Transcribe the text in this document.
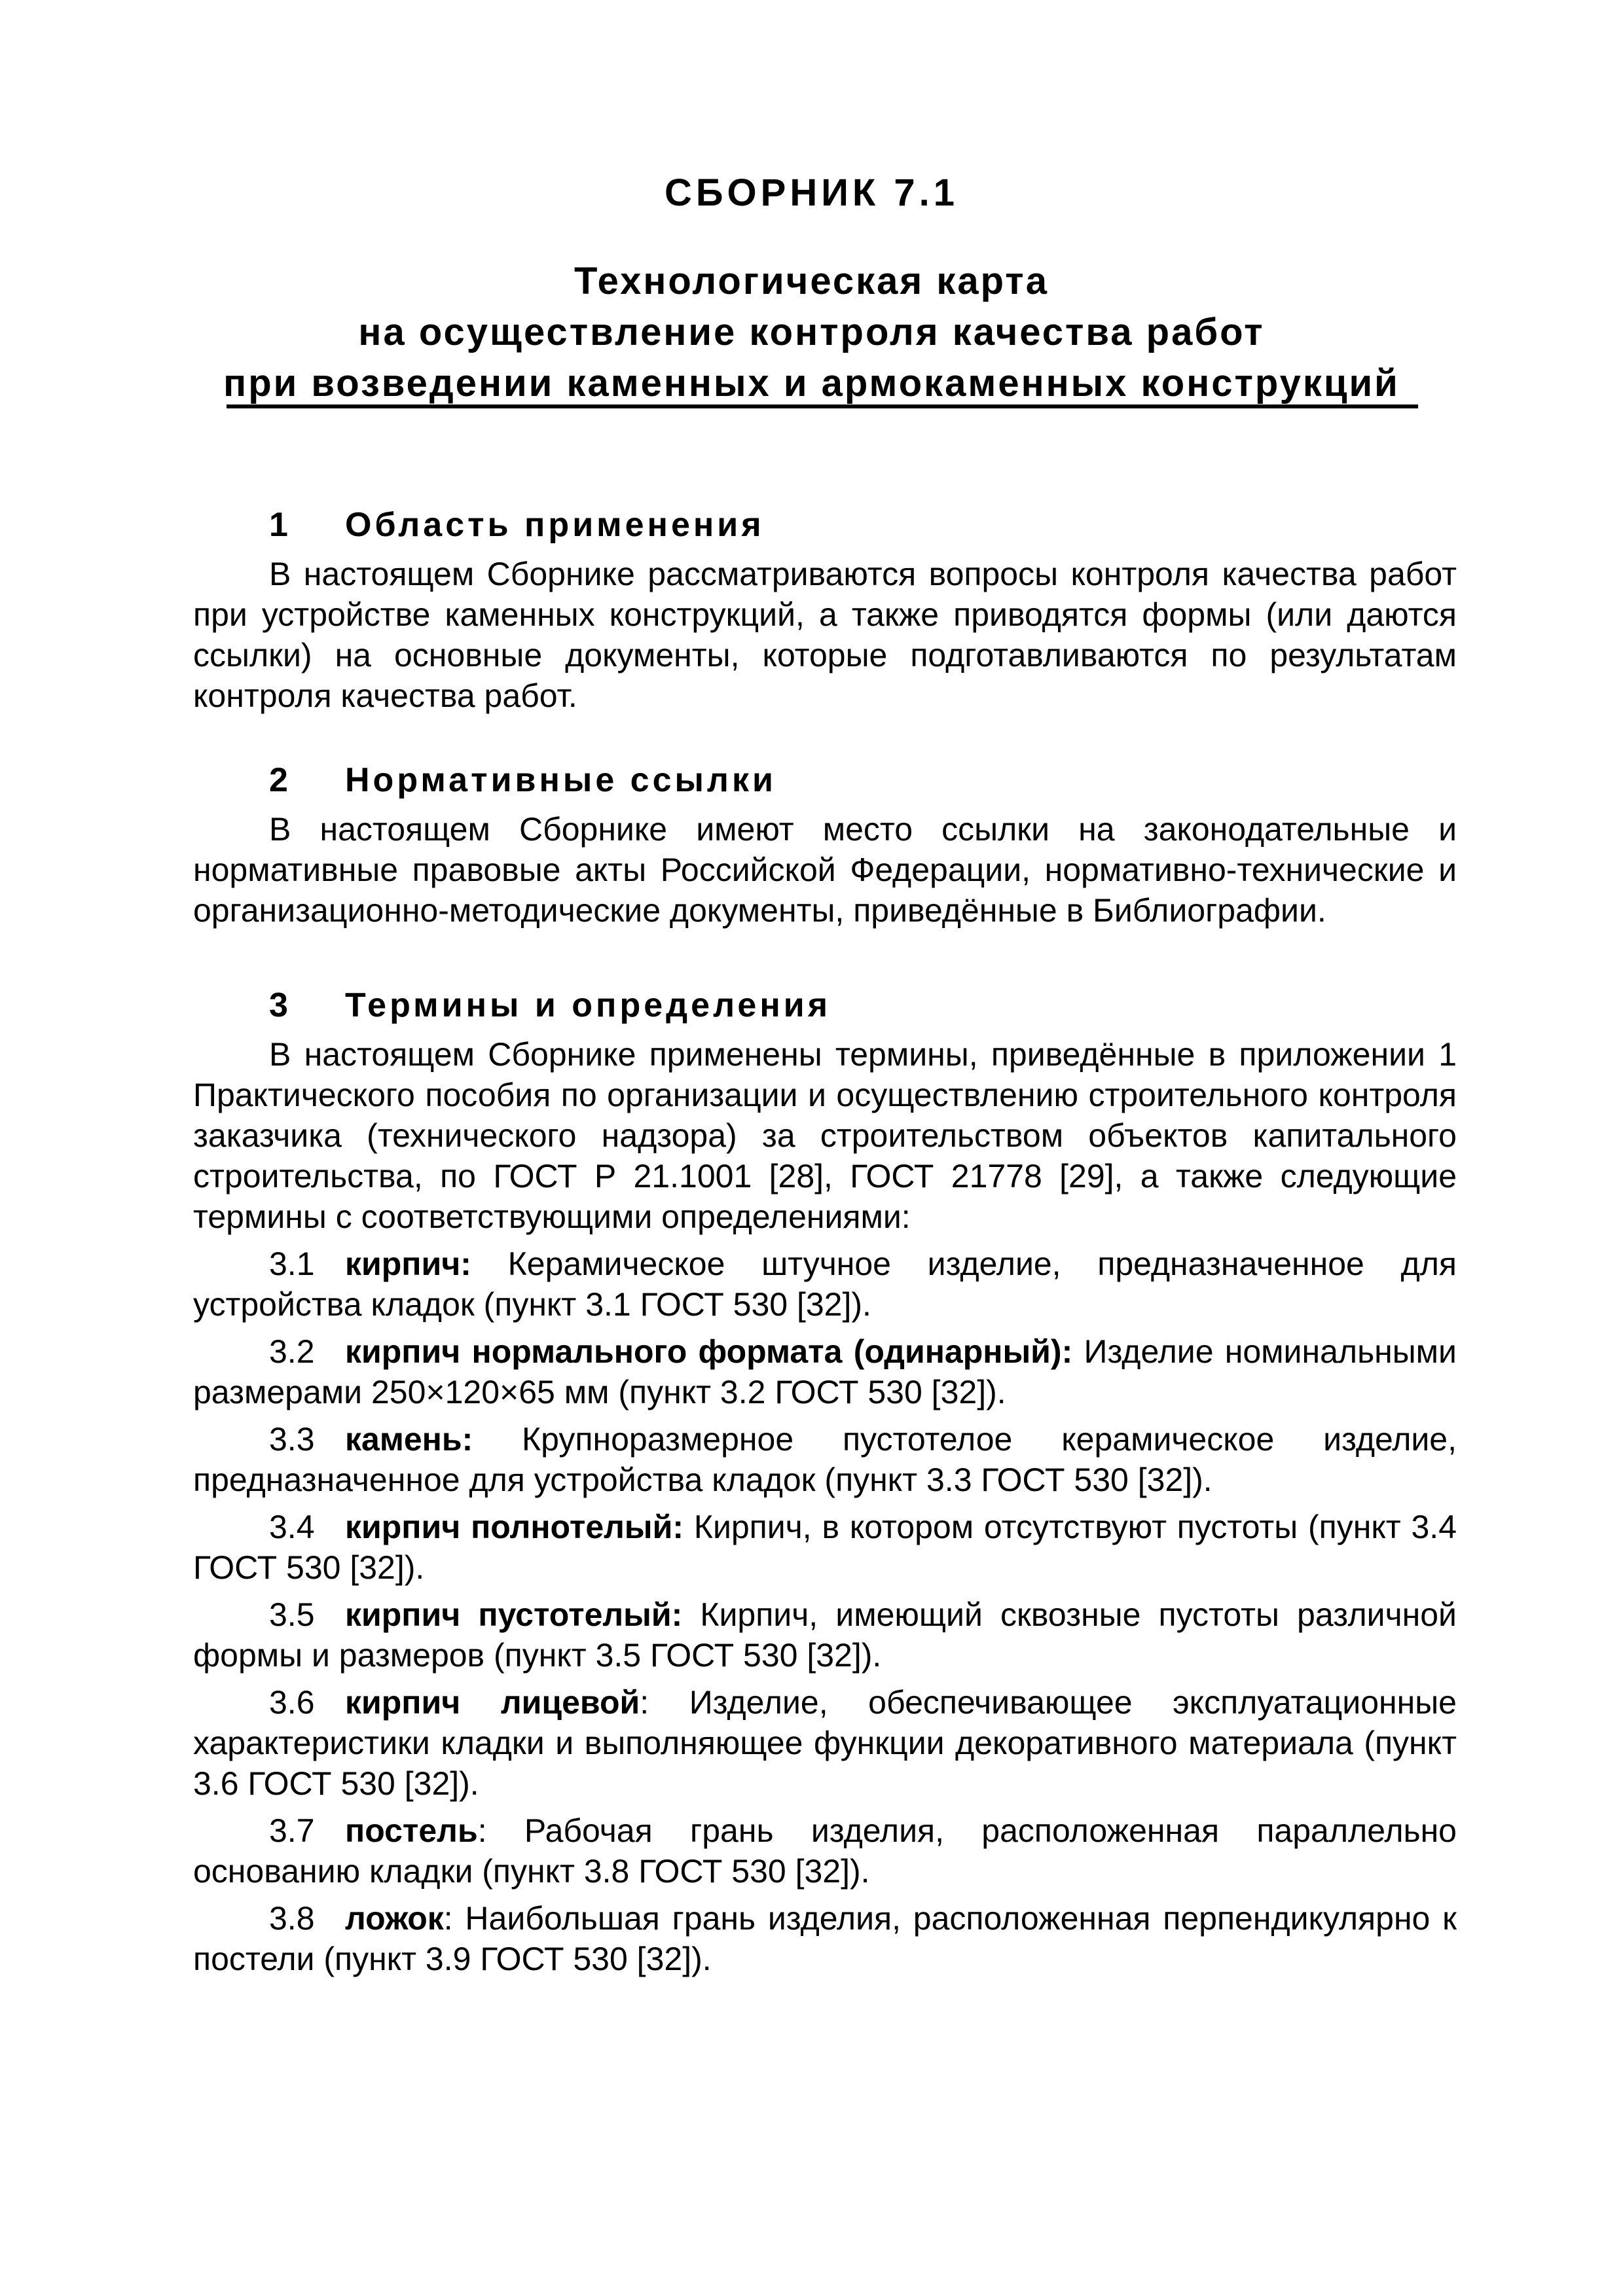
СБОРНИК 7.1

Технологическая карта

на осуществление контроля качества работ

при возведении каменных и армокаменных конструкций

1 Область применения

В настоящем Сборнике рассматриваются вопросы контроля качества работ при устройстве каменных конструкций, а также приводятся формы (или даются ссылки) на основные документы, которые подготавливаются по результатам контроля качества работ.

2 Нормативные ссылки

В настоящем Сборнике имеют место ссылки на законодательные и нормативные правовые акты Российской Федерации, нормативно-технические и организационно-методические документы, приведённые в Библиографии.

3 Термины и определения

В настоящем Сборнике применены термины, приведённые в приложении 1 Практического пособия по организации и осуществлению строительного контроля заказчика (технического надзора) за строительством объектов капитального строительства, по ГОСТ Р 21.1001 [28], ГОСТ 21778 [29], а также следующие термины с соответствующими определениями:

3.1 кирпич: Керамическое штучное изделие, предназначенное для устройства кладок (пункт 3.1 ГОСТ 530 [32]).

3.2 кирпич нормального формата (одинарный): Изделие номинальными размерами 250×120×65 мм (пункт 3.2 ГОСТ 530 [32]).

3.3 камень: Крупноразмерное пустотелое керамическое изделие, предназначенное для устройства кладок (пункт 3.3 ГОСТ 530 [32]).

3.4 кирпич полнотелый: Кирпич, в котором отсутствуют пустоты (пункт 3.4 ГОСТ 530 [32]).

3.5 кирпич пустотелый: Кирпич, имеющий сквозные пустоты различной формы и размеров (пункт 3.5 ГОСТ 530 [32]).

3.6 кирпич лицевой: Изделие, обеспечивающее эксплуатационные характеристики кладки и выполняющее функции декоративного материала (пункт 3.6 ГОСТ 530 [32]).

3.7 постель: Рабочая грань изделия, расположенная параллельно основанию кладки (пункт 3.8 ГОСТ 530 [32]).

3.8 ложок: Наибольшая грань изделия, расположенная перпендикулярно к постели (пункт 3.9 ГОСТ 530 [32]).
